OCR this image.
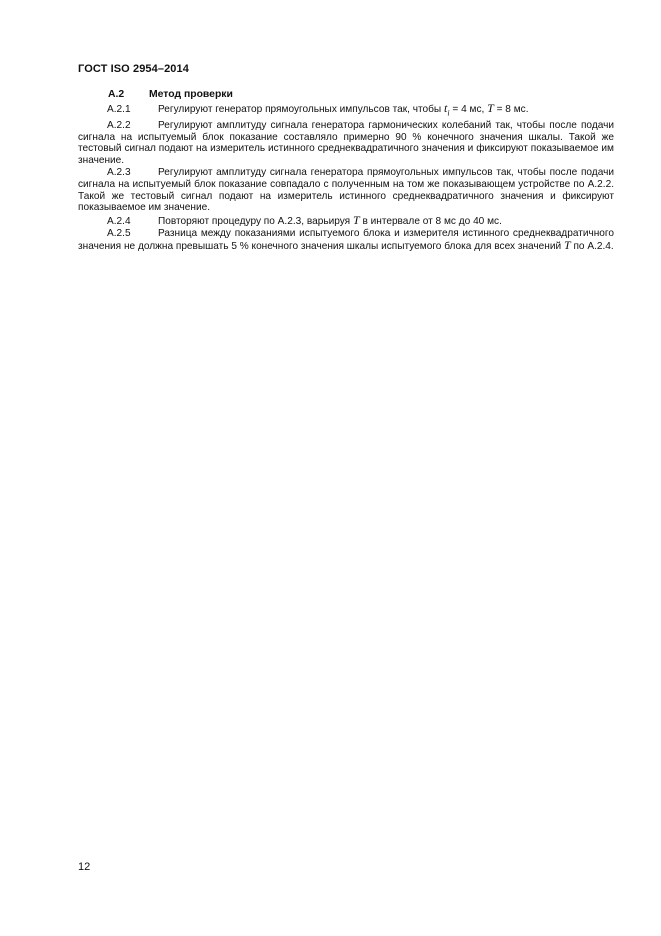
ГОСТ ISO 2954–2014
А.2 Метод проверки

А.2.1	Регулируют генератор прямоугольных импульсов так, чтобы $t_i = 4$ мс, T = 8 мс.

А.2.2	Регулируют амплитуду сигнала генератора гармонических колебаний так, чтобы после подачи сигнала на испытуемый блок показание составляло примерно 90 % конечного значения шкалы. Такой же тестовый сигнал подают на измеритель истинного среднеквадратичного значения и фиксируют показываемое им значение.

А.2.3	Регулируют амплитуду сигнала генератора прямоугольных импульсов так, чтобы после подачи сигнала на испытуемый блок показание совпадало с полученным на том же показывающем устройстве по А.2.2. Такой же тестовый сигнал подают на измеритель истинного среднеквадратичного значения и фиксируют показываемое им значение.

А.2.4	Повторяют процедуру по А.2.3, варьируя T в интервале от 8 мс до 40 мс.

А.2.5	Разница между показаниями испытуемого блока и измерителя истинного среднеквадратичного значения не должна превышать 5 % конечного значения шкалы испытуемого блока для всех значений T по А.2.4.

12
